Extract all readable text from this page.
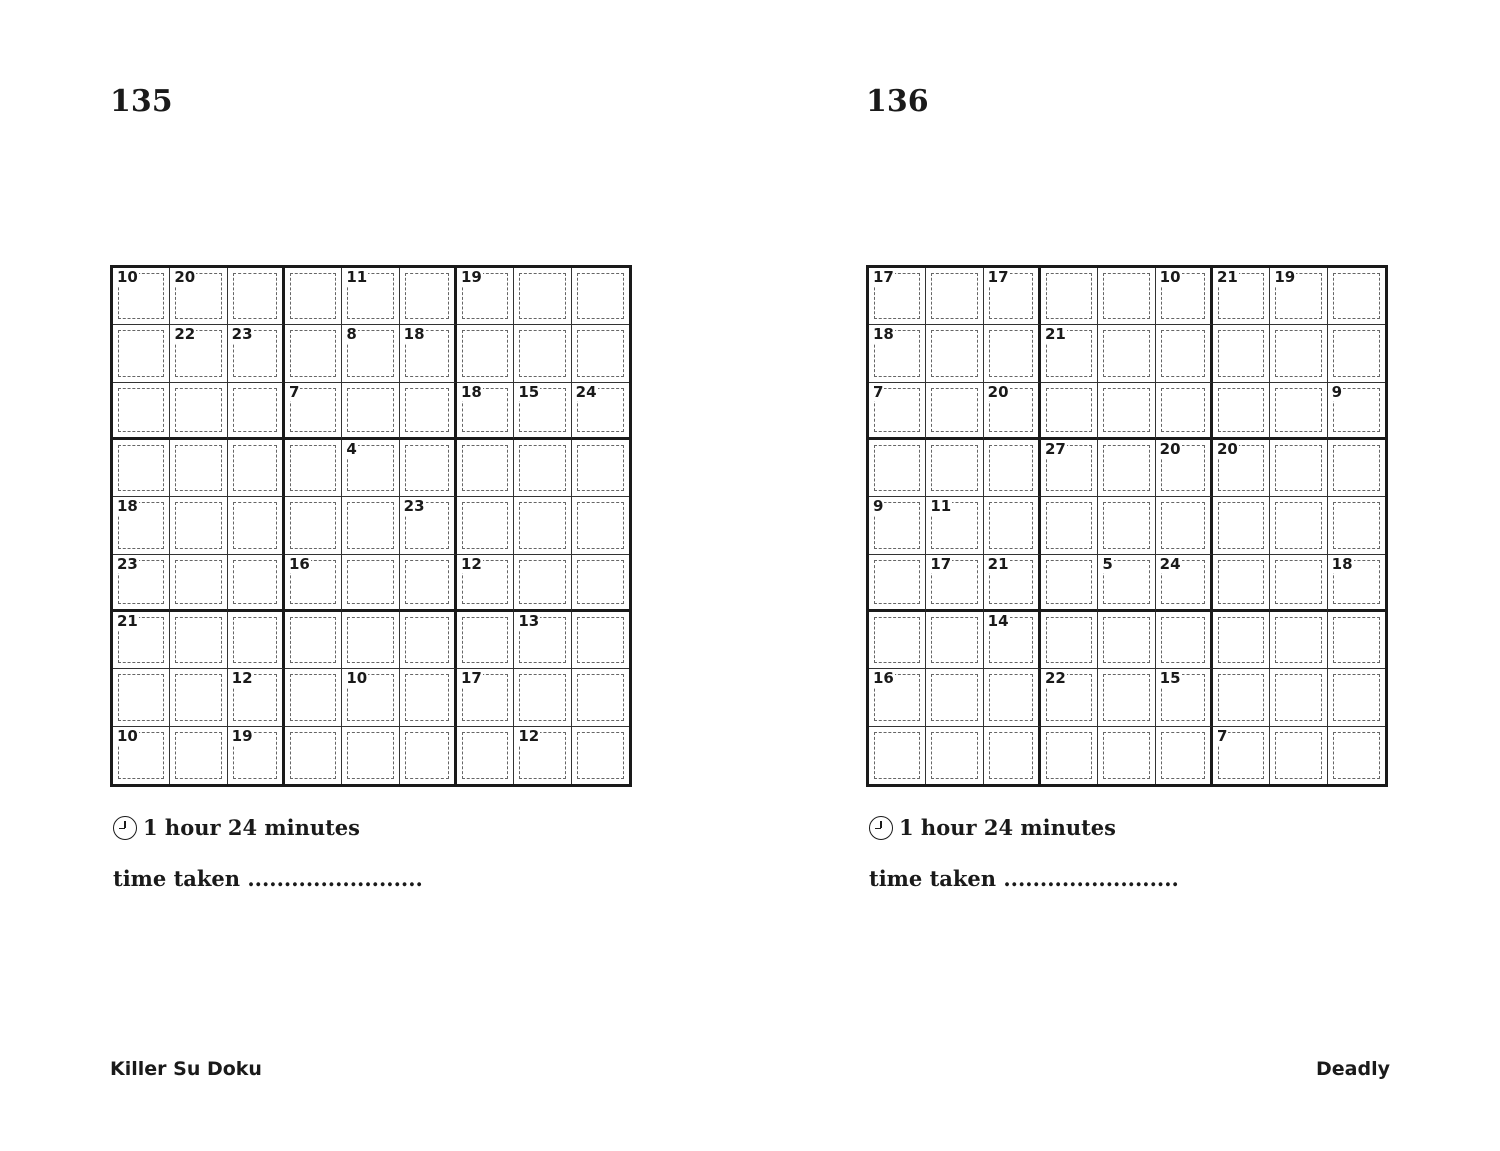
135	136
10 20	11	19
22 23	8	18
7	18 15 24
4
18	23
23	16	12
21	13
12	10	17
10	19	12
17	17	10 21 19
18	21
7	20	9
27	20 20
9	11
17 21	5	24	18
14
16	22	15
7
1 hour 24 minutes	1 hour 24 minutes

time taken ........................	time taken ........................

Killer Su Doku	Deadly
